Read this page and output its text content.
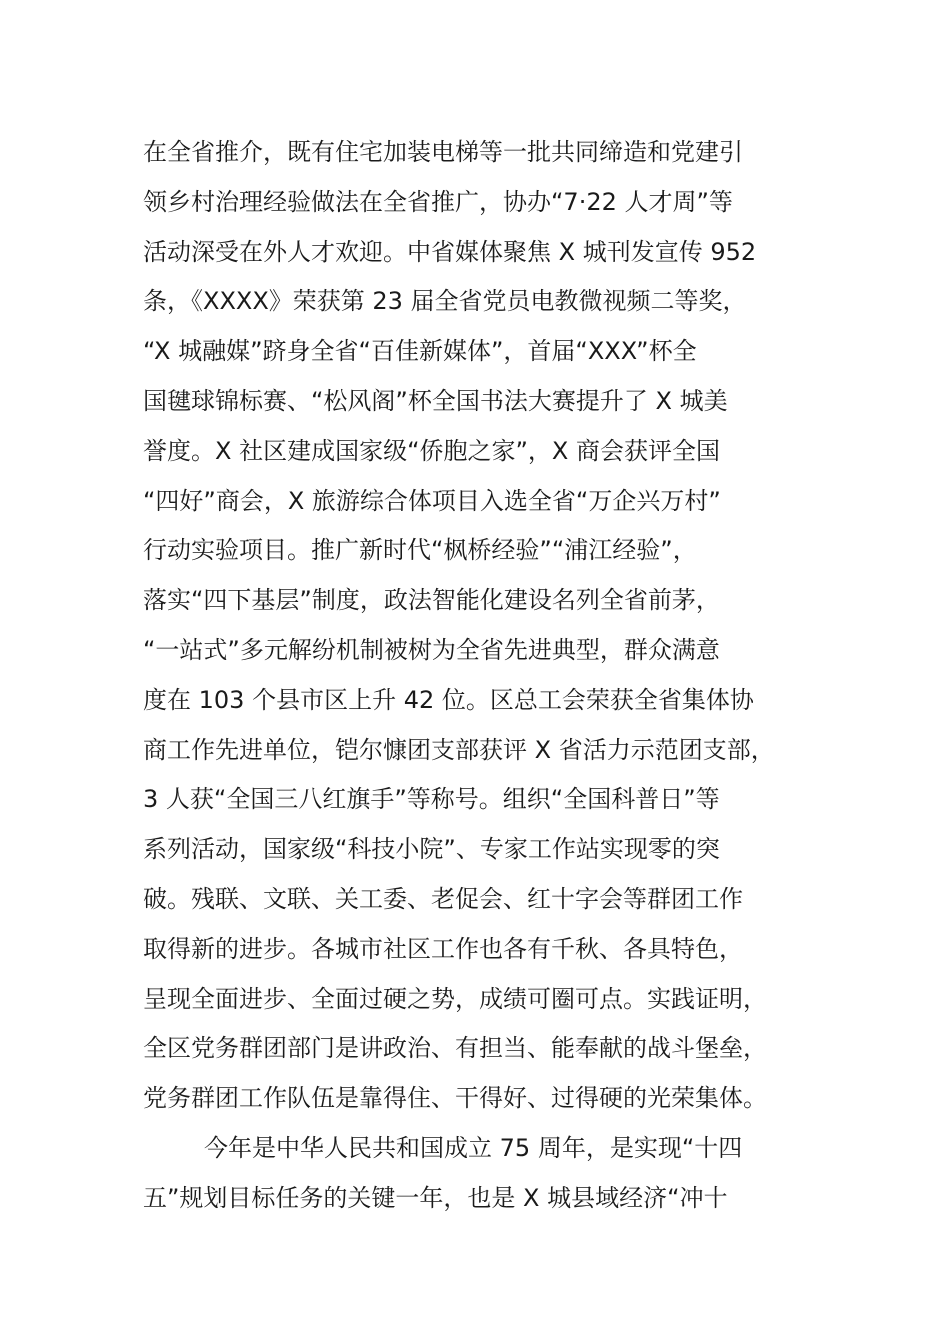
在全省推介，既有住宅加装电梯等一批共同缔造和党建引
领乡村治理经验做法在全省推广，协办“7·22 人才周”等
活动深受在外人才欢迎。中省媒体聚焦 X 城刊发宣传 952
条，《XXXX》荣获第 23 届全省党员电教微视频二等奖，
“X 城融媒”跻身全省“百佳新媒体”，首届“XXX”杯全
国毽球锦标赛、“松风阁”杯全国书法大赛提升了 X 城美
誉度。X 社区建成国家级“侨胞之家”，X 商会获评全国
“四好”商会，X 旅游综合体项目入选全省“万企兴万村”
行动实验项目。推广新时代“枫桥经验”“浦江经验”，
落实“四下基层”制度，政法智能化建设名列全省前茅，
“一站式”多元解纷机制被树为全省先进典型，群众满意
度在 103 个县市区上升 42 位。区总工会荣获全省集体协
商工作先进单位，铠尔慷团支部获评 X 省活力示范团支部，
3 人获“全国三八红旗手”等称号。组织“全国科普日”等
系列活动，国家级“科技小院”、专家工作站实现零的突
破。残联、文联、关工委、老促会、红十字会等群团工作
取得新的进步。各城市社区工作也各有千秋、各具特色，
呈现全面进步、全面过硬之势，成绩可圈可点。实践证明，
全区党务群团部门是讲政治、有担当、能奉献的战斗堡垒，
党务群团工作队伍是靠得住、干得好、过得硬的光荣集体。
今年是中华人民共和国成立 75 周年，是实现“十四
五”规划目标任务的关键一年，也是 X 城县域经济“冲十
